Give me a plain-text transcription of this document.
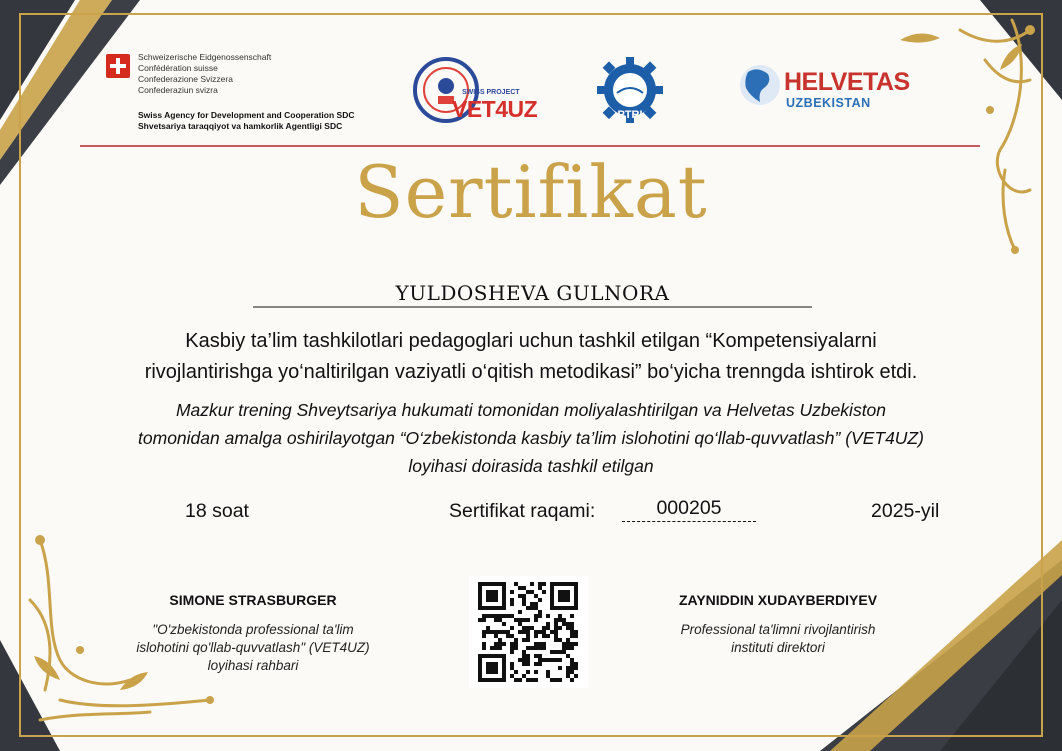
Schweizerische Eidgenossenschaft
Confédération suisse
Confederazione Svizzera
Confederaziun svizra
Swiss Agency for Development and Cooperation SDC
Shvetsariya taraqqiyot va hamkorlik Agentligi SDC
SWISS PROJECT
VET4UZ	PTRI
HELVETAS
UZBEKISTAN
Sertifikat
YULDOSHEVA GULNORA
Kasbiy ta’lim tashkilotlari pedagoglari uchun tashkil etilgan “Kompetensiyalarni
rivojlantirishga yo‘naltirilgan vaziyatli o‘qitish metodikasi” bo‘yicha trenngda ishtirok etdi.
Mazkur trening Shveytsariya hukumati tomonidan moliyalashtirilgan va Helvetas Uzbekiston
tomonidan amalga oshirilayotgan “O‘zbekistonda kasbiy ta’lim islohotini qo‘llab-quvvatlash” (VET4UZ)
loyihasi doirasida tashkil etilgan
18 soat	Sertifikat raqami:	000205	2025-yil
SIMONE STRASBURGER
"O'zbekistonda professional ta'lim
islohotini qo'llab-quvvatlash" (VET4UZ)
loyihasi rahbari
ZAYNIDDIN XUDAYBERDIYEV
Professional ta'limni rivojlantirish
instituti direktori
